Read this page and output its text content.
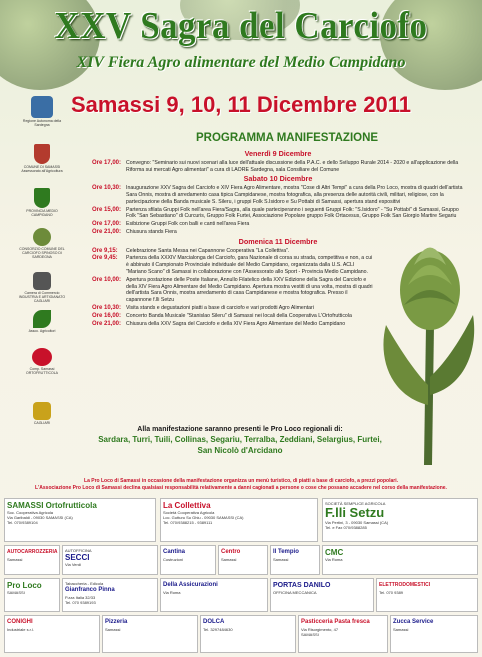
XXV Sagra del Carciofo
XIV Fiera Agro alimentare del Medio Campidano
Samassi 9, 10, 11 Dicembre 2011
PROGRAMMA MANIFESTAZIONE
Regione Autonoma della Sardegna
COMUNE DI SAMASSI Assessorato all'Agricoltura
PROVINCIA MEDIO CAMPIDANO
CONSORZIO COMUNE DEL CARCIOFO SPINOSO DI SARDEGNA
Camera di Commercio INDUSTRIA E ARTIGIANATO CAGLIARI
Assoc. Agricoltori
Comp. Samassi ORTOFRUTTICOLA
CAGLIARI
Venerdì 9 Dicembre
Ore 17,00: Convegno: "Seminario sui nuovi scenari alla luce dell'attuale discussione della P.A.C. e dello Sviluppo Rurale 2014 - 2020 e all'applicazione della Riforma sui mercati Agro alimentari" a cura di LAORE Sardegna, sala Consiliare del Comune
Sabato 10 Dicembre
Ore 10,30: Inaugurazione XXV Sagra del Carciofo e XIV Fiera Agro Alimentare, mostra "Cose di Altri Tempi" a cura della Pro Loco, mostra di quadri dell'artista Sara Onnis, mostra di arredamento casa tipica Campidanese, mostra fotografica, alla presenza delle autorità civili, militari, religiose, con la partecipazione della Banda musicale S. Sileru, i gruppi Folk S.Isidoro e Su Pottabi di Samassi, apertura stand espositivi
Ore 15,00: Partenza sfilata Gruppi Folk nell'area Fiera/Sagra, alla quale parteciperanno i seguenti Gruppi Folk: "S.Isidoro" - "Su Pottabi" di Samassi, Gruppo Folk "San Sebastiano" di Curcuris, Gruppo Folk Furtei, Associazione Popolare gruppo Folk Ortacesus, Gruppo Folk San Giorgio Martire Segariu
Ore 17,00: Esibizione Gruppi Folk con balli e canti nell'area Fiera
Ore 21,00: Chiusura stands Fiera
Domenica 11 Dicembre
Ore 9,15:	Celebrazione Santa Messa nei Capannone Cooperativa "La Collettiva".
Ore 9,45:	Partenza della XXXIV Marcialonga del Carciofo, gara Nazionale di corsa su strada, competitiva e non, a cui è abbinato il Campionato Provinciale individuale del Medio Campidano, organizzata dalla U.S. ACLI "Mariano Scano" di Samassi in collaborazione con l'Assessorato allo Sport - Provincia Medio Campidano.
Ore 10,00: Apertura postazione delle Poste Italiane, Annullo Filatelico della XXV Edizione della Sagra del Carciofo e della XIV Fiera Agro Alimentare del Medio Campidano. Apertura mostra vestiti di una volta, mostra di quadri dell'artista Sara Onnis, mostra arredamento di casa Campidanese e mostra fotografica. Presso il capannone f.lli Setzu
Ore 10,30: Visita stands e degustazioni piatti a base di carciofo e vari prodotti Agro Alimentari
Ore 16,00: Concerto Banda Musicale "Stanislao Sileru" di Samassi nei locali della Cooperativa L'Ortofrutticola
Ore 21,00: Chiusura della XXV Sagra del Carciofo e della XIV Fiera Agro Alimentare del Medio Campidano
Alla manifestazione saranno presenti le Pro Loco regionali di:
Sardara, Turri, Tuili, Collinas, Segariu, Terralba, Zeddiani, Selargius, Furtei, San Nicolò d'Arcidano
La Pro Loco di Samassi in occasione della manifestazione organizza un menù turistico, di piatti a base di carciofo, a prezzi popolari.
L'Associazione Pro Loco di Samassi declina qualsiasi responsabilità relativamente a danni cagionati a persone o cose che possano accadere nel corso della manifestazione.
SAMASSI Ortofrutticola
Soc. Cooperativa Agricola
Via Garibaldi - 09030 SAMASSI (CA)
Tel. 070/9389104
La Collettiva
Società Cooperativa Agricola
Loc. Gutturu Su Ghiu - 09030 SAMASSI (CA)
Tel. 070/9388215 - 9389111
SOCIETÀ SEMPLICE AGRICOLA
F.lli Setzu
Via Pertini, 3 - 09030 Samassi (CA)
Tel. e Fax 070/9388285
AUTOCARROZZERIA
Samassi
AUTOFFICINA
SECCI
Via Verdi
Cantina
Costruzioni
Centro
Samassi
Il Tempio
Samassi
CMC
Via Roma
Pro Loco
SAMASSI
Tabaccheria - Edicola
Gianfranco Pinna
P.zza Italia 32/33
Tel. 070 9389193
Della Assicurazioni
Via Roma
PORTAS DANILO
OFFICINA MECCANICA
ELETTRODOMESTICI
Tel. 070 9389
CONIGHI
Industriale s.r.l.
Pizzeria
Samassi
DOLCA
Tel. 3297484630
Pasticceria Pasta fresca
Via Risorgimento, 47
SAMASSI
Zucca Service
Samassi
